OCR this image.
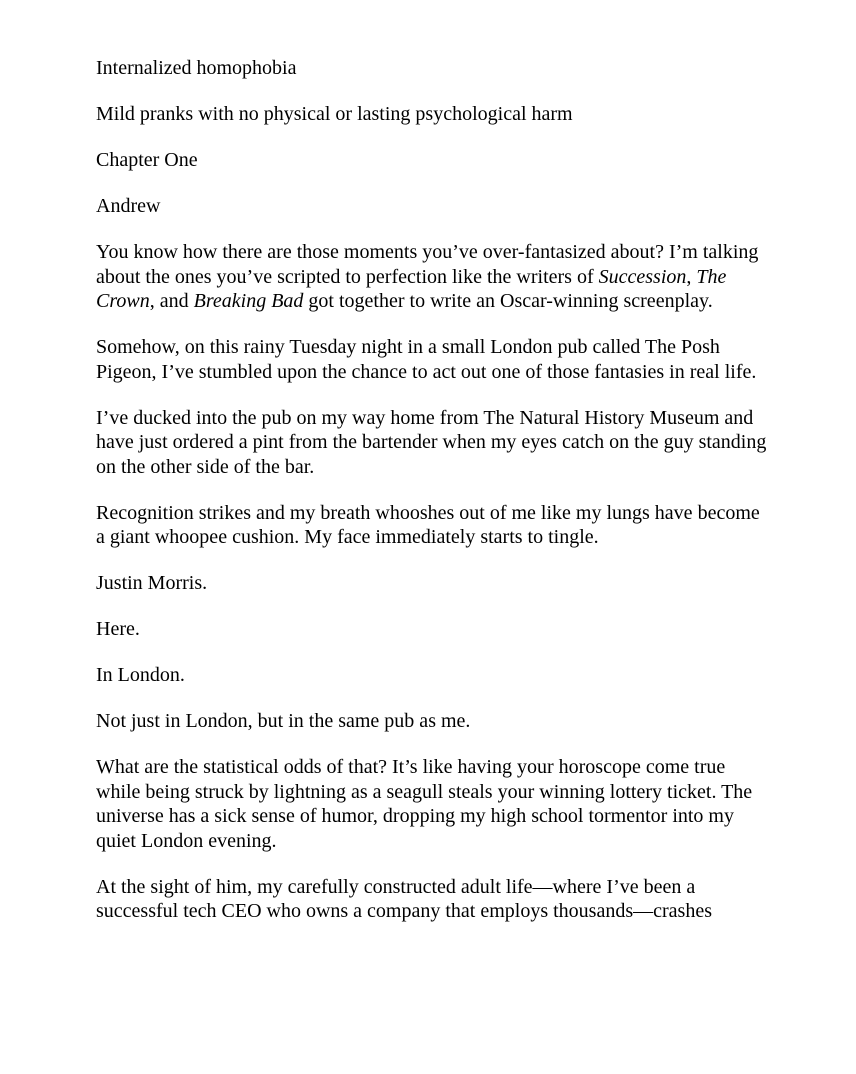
Internalized homophobia

Mild pranks with no physical or lasting psychological harm

Chapter One

Andrew

You know how there are those moments you’ve over-fantasized about? I’m talking about the ones you’ve scripted to perfection like the writers of Succession, The Crown, and Breaking Bad got together to write an Oscar-winning screenplay.

Somehow, on this rainy Tuesday night in a small London pub called The Posh Pigeon, I’ve stumbled upon the chance to act out one of those fantasies in real life.

I’ve ducked into the pub on my way home from The Natural History Museum and have just ordered a pint from the bartender when my eyes catch on the guy standing on the other side of the bar.

Recognition strikes and my breath whooshes out of me like my lungs have become a giant whoopee cushion. My face immediately starts to tingle.

Justin Morris.

Here.

In London.

Not just in London, but in the same pub as me.

What are the statistical odds of that? It’s like having your horoscope come true while being struck by lightning as a seagull steals your winning lottery ticket. The universe has a sick sense of humor, dropping my high school tormentor into my quiet London evening.

At the sight of him, my carefully constructed adult life—where I’ve been a successful tech CEO who owns a company that employs thousands—crashes
